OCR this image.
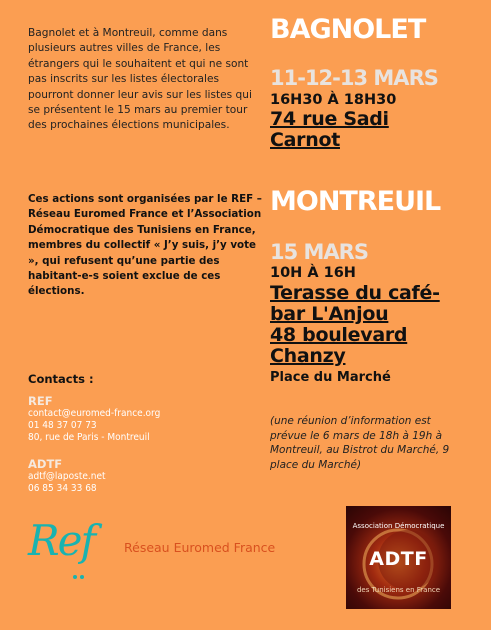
Bagnolet et à Montreuil, comme dans plusieurs autres villes de France, les étrangers qui le souhaitent et qui ne sont pas inscrits sur les listes électorales pourront donner leur avis sur les listes qui se présentent le 15 mars au premier tour des prochaines élections municipales.

Ces actions sont organisées par le REF – Réseau Euromed France et l’Association Démocratique des Tunisiens en France, membres du collectif « J’y suis, j’y vote », qui refusent qu’une partie des habitant-e-s soient exclue de ces élections.

Contacts :
REF
contact@euromed-france.org
01 48 37 07 73
80, rue de Paris - Montreuil
ADTF
adtf@laposte.net
06 85 34 33 68
BAGNOLET
11-12-13 MARS
16H30 À 18H30
74 rue Sadi
Carnot
MONTREUIL
15 MARS
10H À 16H
Terasse du café-
bar L'Anjou
48 boulevard
Chanzy
Place du Marché

(une réunion d’information est prévue le 6 mars de 18h à 19h à Montreuil, au Bistrot du Marché, 9 place du Marché)

Ref Réseau Euromed France
Association Démocratique
ADTF
des Tunisiens en France
